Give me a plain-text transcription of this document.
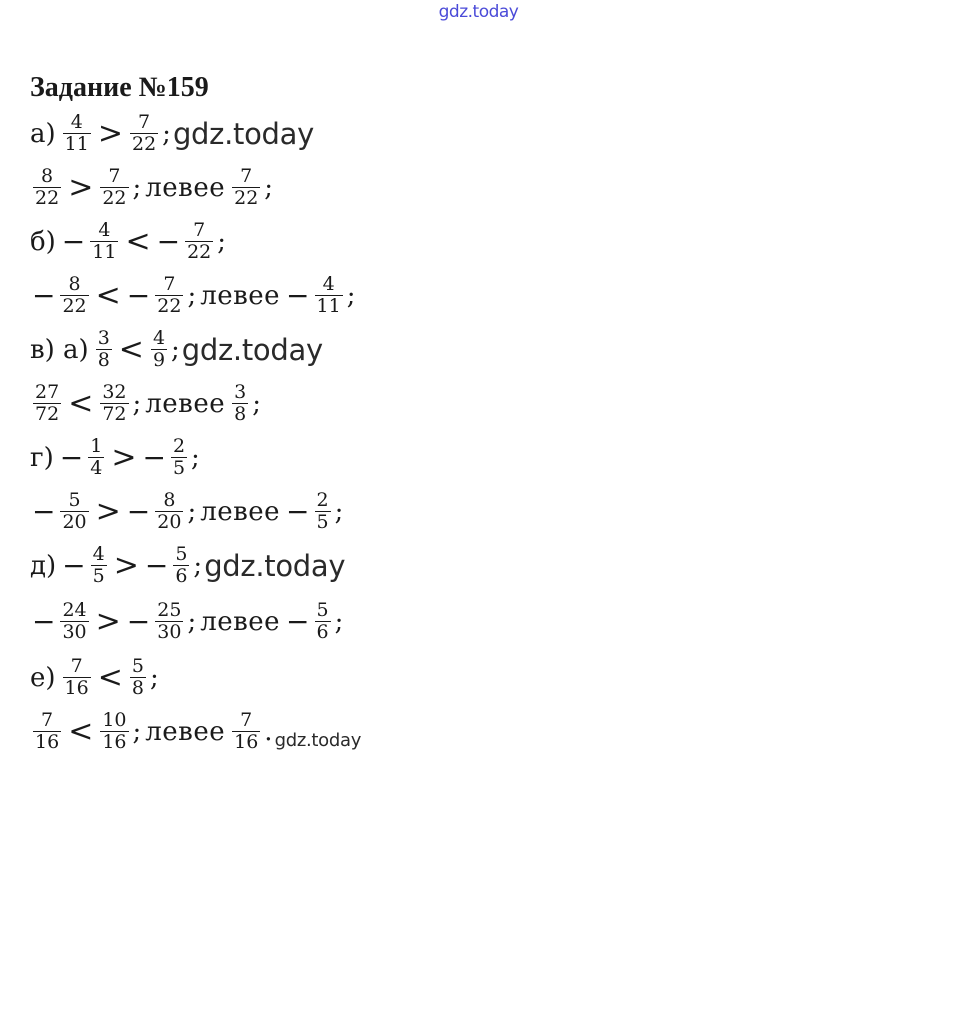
gdz.today
Задание №159
$а) \frac{4}{11} > \frac{7}{22}$ ; gdz.today
$\frac{8}{22} > \frac{7}{22}$ ; левее $\frac{7}{22}$ ;
$б) - \frac{4}{11}$ < − $\frac{7}{22}$ ;
− $\frac{8}{22}$ < − $\frac{7}{22}$ ; левее − $\frac{4}{11}$ ;
в) $а) \frac{3}{8} < \frac{4}{9}$ ; gdz.today
$\frac{27}{72} < \frac{32}{72}$ ; левее $\frac{3}{8}$ ;
$г) - \frac{1}{4}$ > − $\frac{2}{5}$ ;
− $\frac{5}{20}$ > − $\frac{8}{20}$ ; левее − $\frac{2}{5}$ ;
$д) - \frac{4}{5}$ > − $\frac{5}{6}$ ; gdz.today
− $\frac{24}{30}$ > − $\frac{25}{30}$ ; левее − $\frac{5}{6}$ ;
$е) \frac{7}{16} < \frac{5}{8}$ ;
$\frac{7}{16} < \frac{10}{16}$ ; левее $\frac{7}{16}$ . gdz.today
